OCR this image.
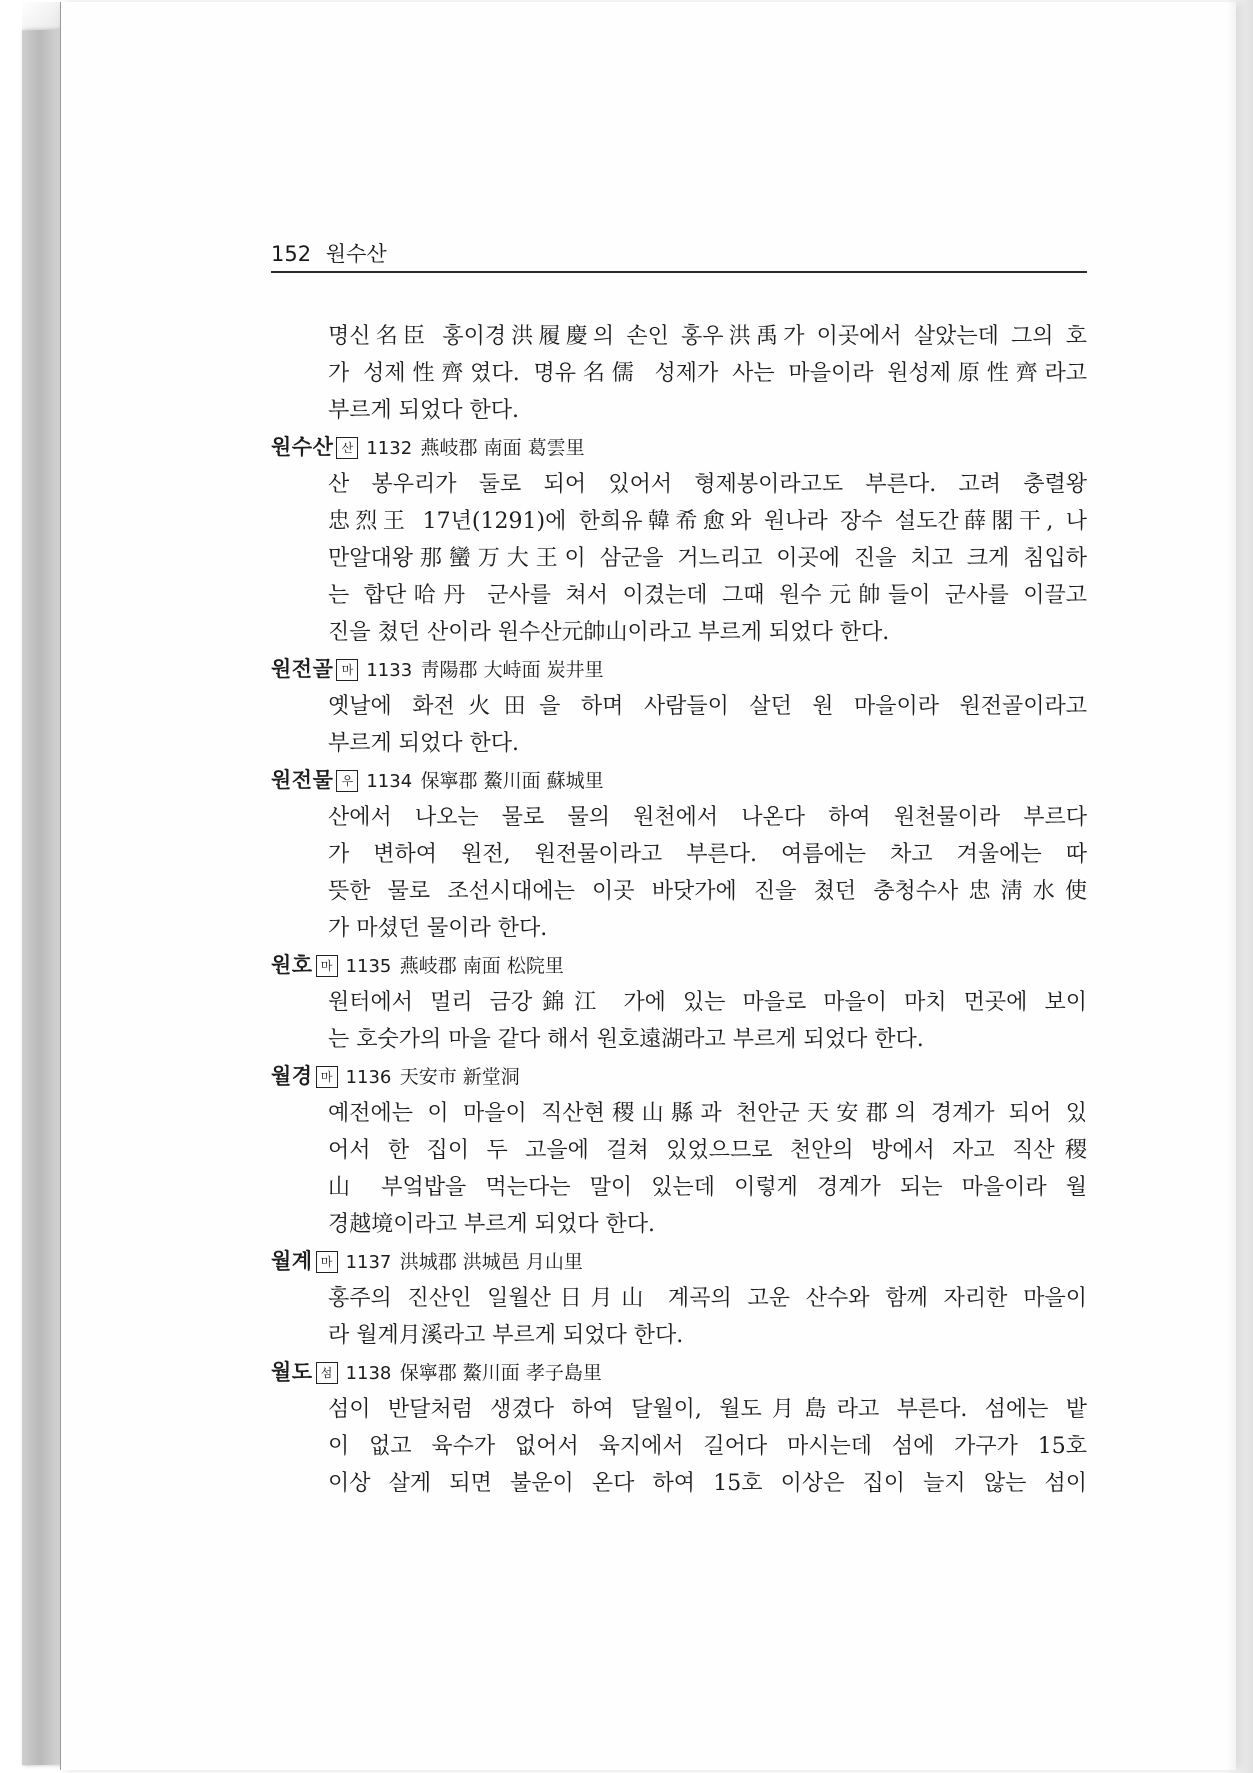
152 원수산
명신名臣 홍이경洪履慶의 손인 홍우洪禹가 이곳에서 살았는데 그의 호
가 성제性齊였다. 명유名儒 성제가 사는 마을이라 원성제原性齊라고
부르게 되었다 한다.
원수산 산 1132 燕岐郡 南面 葛雲里
산 봉우리가 둘로 되어 있어서 형제봉이라고도 부른다. 고려 충렬왕
忠烈王 17년(1291)에 한희유韓希愈와 원나라 장수 설도간薛閣干, 나
만알대왕那蠻万大王이 삼군을 거느리고 이곳에 진을 치고 크게 침입하
는 합단哈丹 군사를 쳐서 이겼는데 그때 원수元帥들이 군사를 이끌고
진을 쳤던 산이라 원수산元帥山이라고 부르게 되었다 한다.
원전골 마 1133 靑陽郡 大峙面 炭井里
옛날에 화전火田을 하며 사람들이 살던 원 마을이라 원전골이라고
부르게 되었다 한다.
원전물 우 1134 保寧郡 鰲川面 蘇城里
산에서 나오는 물로 물의 원천에서 나온다 하여 원천물이라 부르다
가 변하여 원전, 원전물이라고 부른다. 여름에는 차고 겨울에는 따
뜻한 물로 조선시대에는 이곳 바닷가에 진을 쳤던 충청수사忠淸水使
가 마셨던 물이라 한다.
원호 마 1135 燕岐郡 南面 松院里
원터에서 멀리 금강錦江 가에 있는 마을로 마을이 마치 먼곳에 보이
는 호숫가의 마을 같다 해서 원호遠湖라고 부르게 되었다 한다.
월경 마 1136 天安市 新堂洞
예전에는 이 마을이 직산현稷山縣과 천안군天安郡의 경계가 되어 있
어서 한 집이 두 고을에 걸쳐 있었으므로 천안의 방에서 자고 직산稷
山 부엌밥을 먹는다는 말이 있는데 이렇게 경계가 되는 마을이라 월
경越境이라고 부르게 되었다 한다.
월계 마 1137 洪城郡 洪城邑 月山里
홍주의 진산인 일월산日月山 계곡의 고운 산수와 함께 자리한 마을이
라 월계月溪라고 부르게 되었다 한다.
월도 섬 1138 保寧郡 鰲川面 孝子島里
섬이 반달처럼 생겼다 하여 달월이, 월도月島라고 부른다. 섬에는 밭
이 없고 육수가 없어서 육지에서 길어다 마시는데 섬에 가구가 15호
이상 살게 되면 불운이 온다 하여 15호 이상은 집이 늘지 않는 섬이
